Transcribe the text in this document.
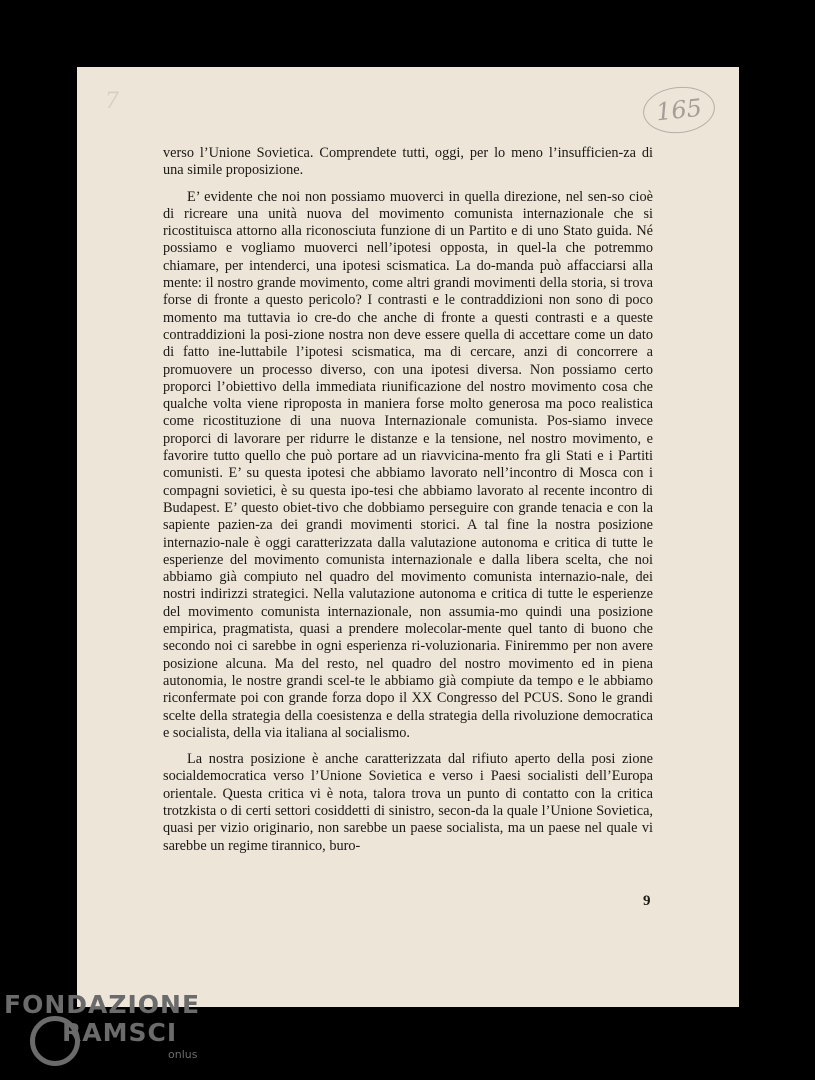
7	165

verso l’Unione Sovietica. Comprendete tutti, oggi, per lo meno l’insufficien-za di una simile proposizione.

E’ evidente che noi non possiamo muoverci in quella direzione, nel sen-so cioè di ricreare una unità nuova del movimento comunista internazionale che si ricostituisca attorno alla riconosciuta funzione di un Partito e di uno Stato guida. Né possiamo e vogliamo muoverci nell’ipotesi opposta, in quel-la che potremmo chiamare, per intenderci, una ipotesi scismatica. La do-manda può affacciarsi alla mente: il nostro grande movimento, come altri grandi movimenti della storia, si trova forse di fronte a questo pericolo? I contrasti e le contraddizioni non sono di poco momento ma tuttavia io cre-do che anche di fronte a questi contrasti e a queste contraddizioni la posi-zione nostra non deve essere quella di accettare come un dato di fatto ine-luttabile l’ipotesi scismatica, ma di cercare, anzi di concorrere a promuovere un processo diverso, con una ipotesi diversa. Non possiamo certo proporci l’obiettivo della immediata riunificazione del nostro movimento cosa che qualche volta viene riproposta in maniera forse molto generosa ma poco realistica come ricostituzione di una nuova Internazionale comunista. Pos-siamo invece proporci di lavorare per ridurre le distanze e la tensione, nel nostro movimento, e favorire tutto quello che può portare ad un riavvicina-mento fra gli Stati e i Partiti comunisti. E’ su questa ipotesi che abbiamo lavorato nell’incontro di Mosca con i compagni sovietici, è su questa ipo-tesi che abbiamo lavorato al recente incontro di Budapest. E’ questo obiet-tivo che dobbiamo perseguire con grande tenacia e con la sapiente pazien-za dei grandi movimenti storici. A tal fine la nostra posizione internazio-nale è oggi caratterizzata dalla valutazione autonoma e critica di tutte le esperienze del movimento comunista internazionale e dalla libera scelta, che noi abbiamo già compiuto nel quadro del movimento comunista internazio-nale, dei nostri indirizzi strategici. Nella valutazione autonoma e critica di tutte le esperienze del movimento comunista internazionale, non assumia-mo quindi una posizione empirica, pragmatista, quasi a prendere molecolar-mente quel tanto di buono che secondo noi ci sarebbe in ogni esperienza ri-voluzionaria. Finiremmo per non avere posizione alcuna. Ma del resto, nel quadro del nostro movimento ed in piena autonomia, le nostre grandi scel-te le abbiamo già compiute da tempo e le abbiamo riconfermate poi con grande forza dopo il XX Congresso del PCUS. Sono le grandi scelte della strategia della coesistenza e della strategia della rivoluzione democratica e socialista, della via italiana al socialismo.

La nostra posizione è anche caratterizzata dal rifiuto aperto della posi zione socialdemocratica verso l’Unione Sovietica e verso i Paesi socialisti dell’Europa orientale. Questa critica vi è nota, talora trova un punto di contatto con la critica trotzkista o di certi settori cosiddetti di sinistro, secon-da la quale l’Unione Sovietica, quasi per vizio originario, non sarebbe un paese socialista, ma un paese nel quale vi sarebbe un regime tirannico, buro-

9
FONDAZIONE
RAMSCI
onlus
